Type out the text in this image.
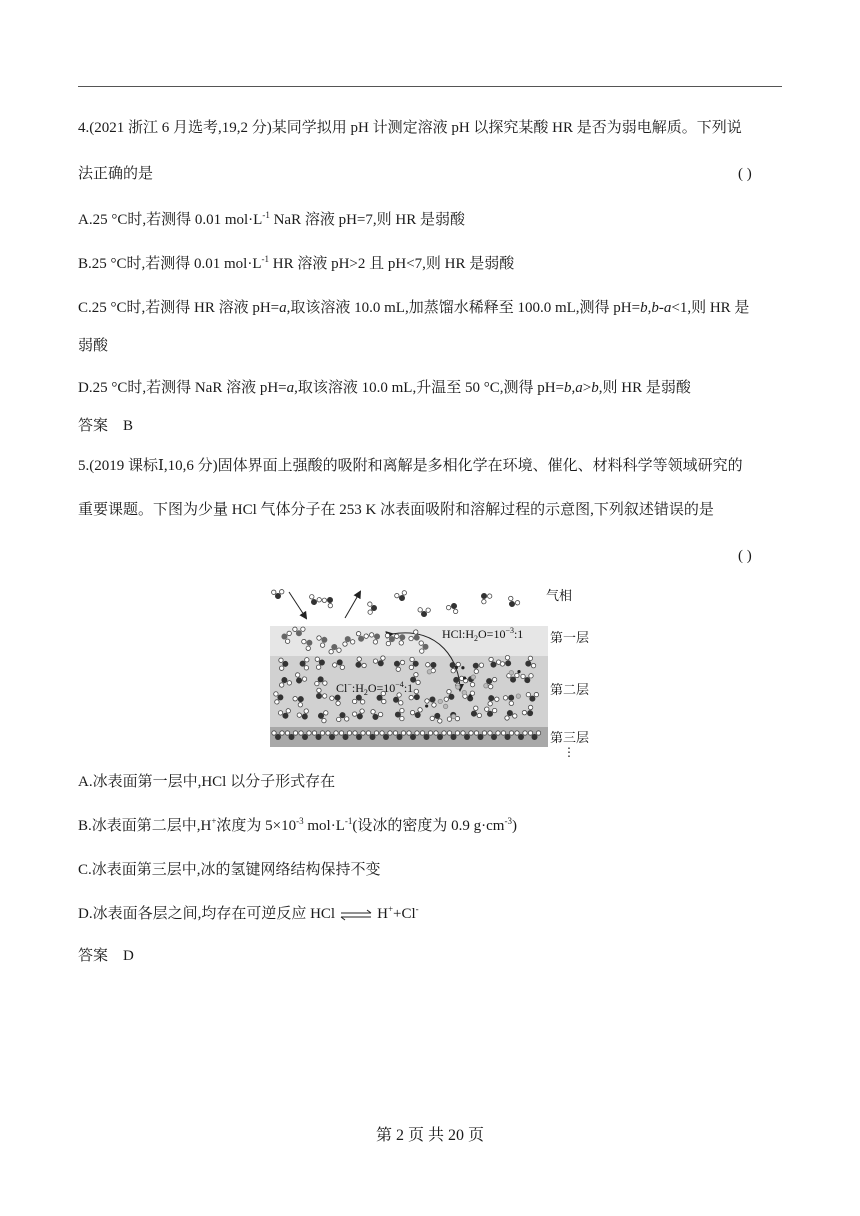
4.(2021 浙江 6 月选考,19,2 分)某同学拟用 pH 计测定溶液 pH 以探究某酸 HR 是否为弱电解质。下列说
法正确的是	( )
A.25 °C时,若测得 0.01 $mol\cdot L^{-1}$ NaR 溶液 pH=7,则 HR 是弱酸
B.25 °C时,若测得 0.01 $mol\cdot L^{-1}$ HR 溶液 pH>2 且 pH<7,则 HR 是弱酸
C.25 °C时,若测得 HR 溶液 pH=a,取该溶液 10.0 mL,加蒸馏水稀释至 100.0 mL,测得 pH=b,b-a<1,则 HR 是
弱酸
D.25 °C时,若测得 NaR 溶液 pH=a,取该溶液 10.0 mL,升温至 50 °C,测得 pH=b,a>b,则 HR 是弱酸
答案　B
5.(2019 课标Ⅰ,10,6 分)固体界面上强酸的吸附和离解是多相化学在环境、催化、材料科学等领域研究的
重要课题。下图为少量 HCl 气体分子在 253 K 冰表面吸附和溶解过程的示意图,下列叙述错误的是
( )
$HCl:H_2O=10^{-3}:1$
$Cl^-:H_2O=10^{-4}:1$
气相
第一层
第二层
第三层
⋮
A.冰表面第一层中,HCl 以分子形式存在
B.冰表面第二层中,H+浓度为 $5\times 10^{-3}$ $mol\cdot L^{-1}$(设冰的密度为 0.9 $g\cdot cm^{-3}$)
C.冰表面第三层中,冰的氢键网络结构保持不变
D.冰表面各层之间,均存在可逆反应 HCl ⇌ H++Cl-
答案　D
第 2 页 共 20 页
